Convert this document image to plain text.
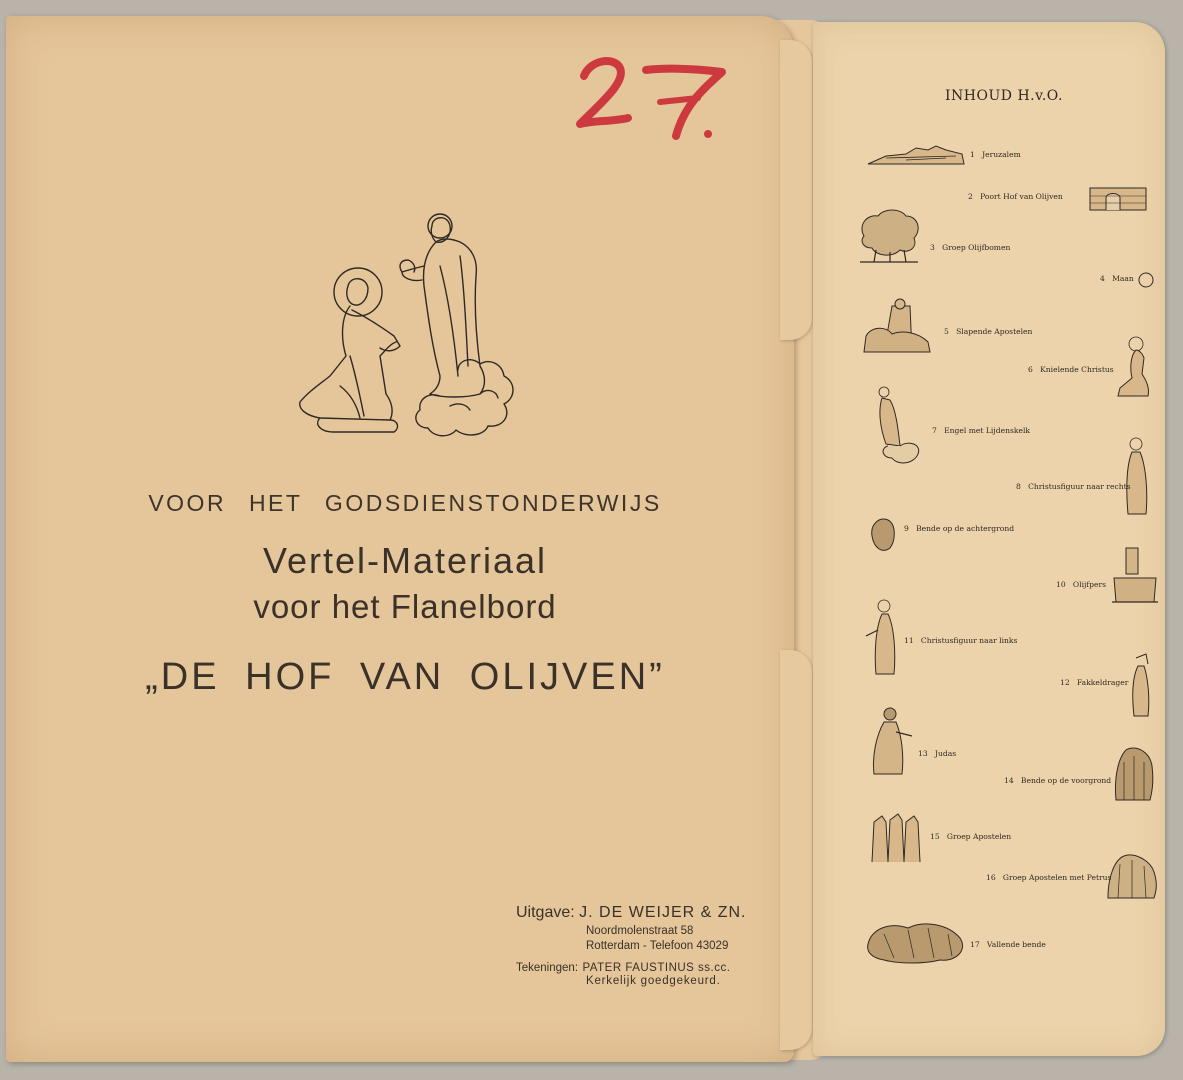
VOOR HET GODSDIENSTONDERWIJS
Vertel-Materiaal
voor het Flanelbord
„DE HOF VAN OLIJVEN”
Uitgave: J. DE WEIJER & ZN.
Noordmolenstraat 58
Rotterdam - Telefoon 43029
Tekeningen: PATER FAUSTINUS ss.cc.
Kerkelijk goedgekeurd.
INHOUD H.v.O.
1 Jeruzalem
2 Poort Hof van Olijven
3 Groep Olijfbomen
4 Maan
5 Slapende Apostelen
6 Knielende Christus
7 Engel met Lijdenskelk
8 Christusfiguur naar rechts
9 Bende op de achtergrond
10 Olijfpers
11 Christusfiguur naar links
12 Fakkeldrager
13 Judas
14 Bende op de voorgrond
15 Groep Apostelen
16 Groep Apostelen met Petrus
17 Vallende bende
